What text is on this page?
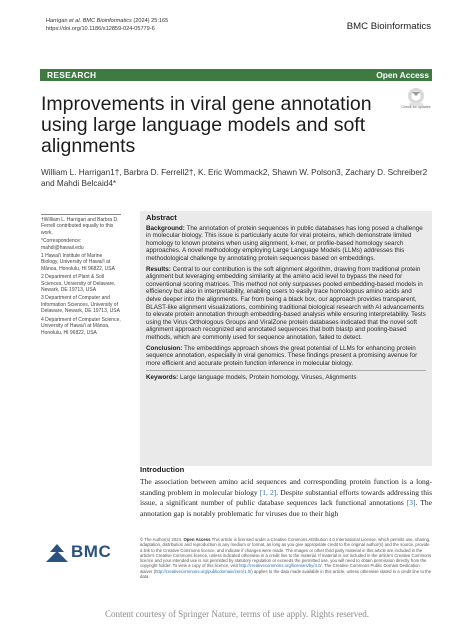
Harrigan et al. BMC Bioinformatics (2024) 25:165
https://doi.org/10.1186/s12859-024-05779-6	BMC Bioinformatics
RESEARCH	Open Access
Check for updates
Improvements in viral gene annotation using large language models and soft alignments
William L. Harrigan1†, Barbra D. Ferrell2†, K. Eric Wommack2, Shawn W. Polson3, Zachary D. Schreiber2 and Mahdi Belcaid4*

†William L. Harrigan and Barbra D. Ferrell contributed equally to this work.

*Correspondence:

mahdi@hawaii.edu

1 Hawai'i Institute of Marine Biology, University of Hawai'i at Mānoa, Honolulu, HI 96822, USA

2 Department of Plant & Soil Sciences, University of Delaware, Newark, DE 19713, USA

3 Department of Computer and Information Sciences, University of Delaware, Newark, DE 19713, USA

4 Department of Computer Science, University of Hawai'i at Mānoa, Honolulu, HI 96822, USA

Abstract

Background: The annotation of protein sequences in public databases has long posed a challenge in molecular biology. This issue is particularly acute for viral proteins, which demonstrate limited homology to known proteins when using alignment, k-mer, or profile-based homology search approaches. A novel methodology employing Large Language Models (LLMs) addresses this methodological challenge by annotating protein sequences based on embeddings.

Results: Central to our contribution is the soft alignment algorithm, drawing from traditional protein alignment but leveraging embedding similarity at the amino acid level to bypass the need for conventional scoring matrices. This method not only surpasses pooled embedding-based models in efficiency but also in interpretability, enabling users to easily trace homologous amino acids and delve deeper into the alignments. Far from being a black box, our approach provides transparent, BLAST-like alignment visualizations, combining traditional biological research with AI advancements to elevate protein annotation through embedding-based analysis while ensuring interpretability. Tests using the Virus Orthologous Groups and ViralZone protein databases indicated that the novel soft alignment approach recognized and annotated sequences that both blastp and pooling-based methods, which are commonly used for sequence annotation, failed to detect.

Conclusion: The embeddings approach shows the great potential of LLMs for enhancing protein sequence annotation, especially in viral genomics. These findings present a promising avenue for more efficient and accurate protein function inference in molecular biology.

Keywords: Large language models, Protein homology, Viruses, Alignments

Introduction
The association between amino acid sequences and corresponding protein function is a long-standing problem in molecular biology [1, 2]. Despite substantial efforts towards addressing this issue, a significant number of public database sequences lack functional annotations [3]. The annotation gap is notably problematic for viruses due to their high
BMC
© The Author(s) 2024. Open Access This article is licensed under a Creative Commons Attribution 4.0 International License, which permits use, sharing, adaptation, distribution and reproduction in any medium or format, as long as you give appropriate credit to the original author(s) and the source, provide a link to the Creative Commons licence, and indicate if changes were made. The images or other third party material in this article are included in the article's Creative Commons licence, unless indicated otherwise in a credit line to the material. If material is not included in the article's Creative Commons licence and your intended use is not permitted by statutory regulation or exceeds the permitted use, you will need to obtain permission directly from the copyright holder. To view a copy of this licence, visit http://creativecommons.org/licenses/by/4.0/. The Creative Commons Public Domain Dedication waiver (http://creativecommons.org/publicdomain/zero/1.0/) applies to the data made available in this article, unless otherwise stated in a credit line to the data.
Content courtesy of Springer Nature, terms of use apply. Rights reserved.
